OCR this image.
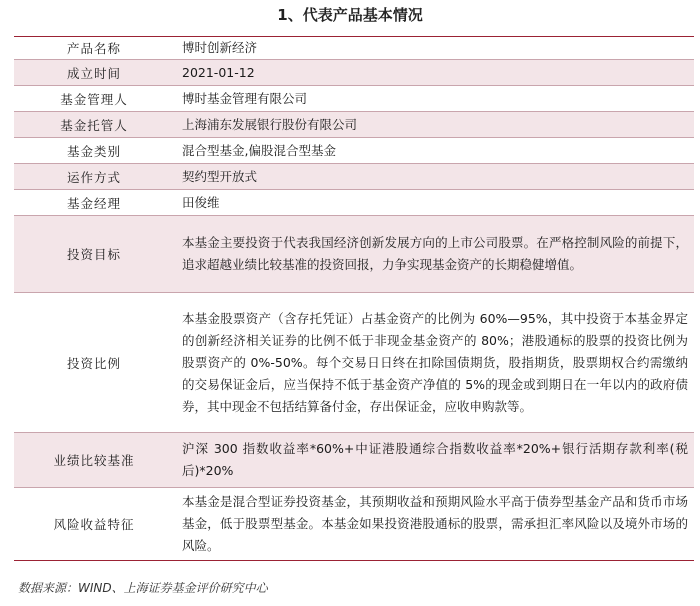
1、代表产品基本情况
产品名称	博时创新经济
成立时间	2021-01-12
基金管理人	博时基金管理有限公司
基金托管人	上海浦东发展银行股份有限公司
基金类别	混合型基金,偏股混合型基金
运作方式	契约型开放式
基金经理	田俊维
投资目标	本基金主要投资于代表我国经济创新发展方向的上市公司股票。在严格控制风险的前提下，追求超越业绩比较基准的投资回报，力争实现基金资产的长期稳健增值。
投资比例	本基金股票资产（含存托凭证）占基金资产的比例为 60%—95%，其中投资于本基金界定的创新经济相关证券的比例不低于非现金基金资产的 80%；港股通标的股票的投资比例为股票资产的 0%-50%。每个交易日日终在扣除国债期货，股指期货，股票期权合约需缴纳的交易保证金后，应当保持不低于基金资产净值的 5%的现金或到期日在一年以内的政府债券，其中现金不包括结算备付金，存出保证金，应收申购款等。
业绩比较基准	沪深 300 指数收益率*60%+中证港股通综合指数收益率*20%+银行活期存款利率(税后)*20%
风险收益特征	本基金是混合型证券投资基金，其预期收益和预期风险水平高于债券型基金产品和货币市场基金，低于股票型基金。本基金如果投资港股通标的股票，需承担汇率风险以及境外市场的风险。
数据来源：WIND、上海证券基金评价研究中心
